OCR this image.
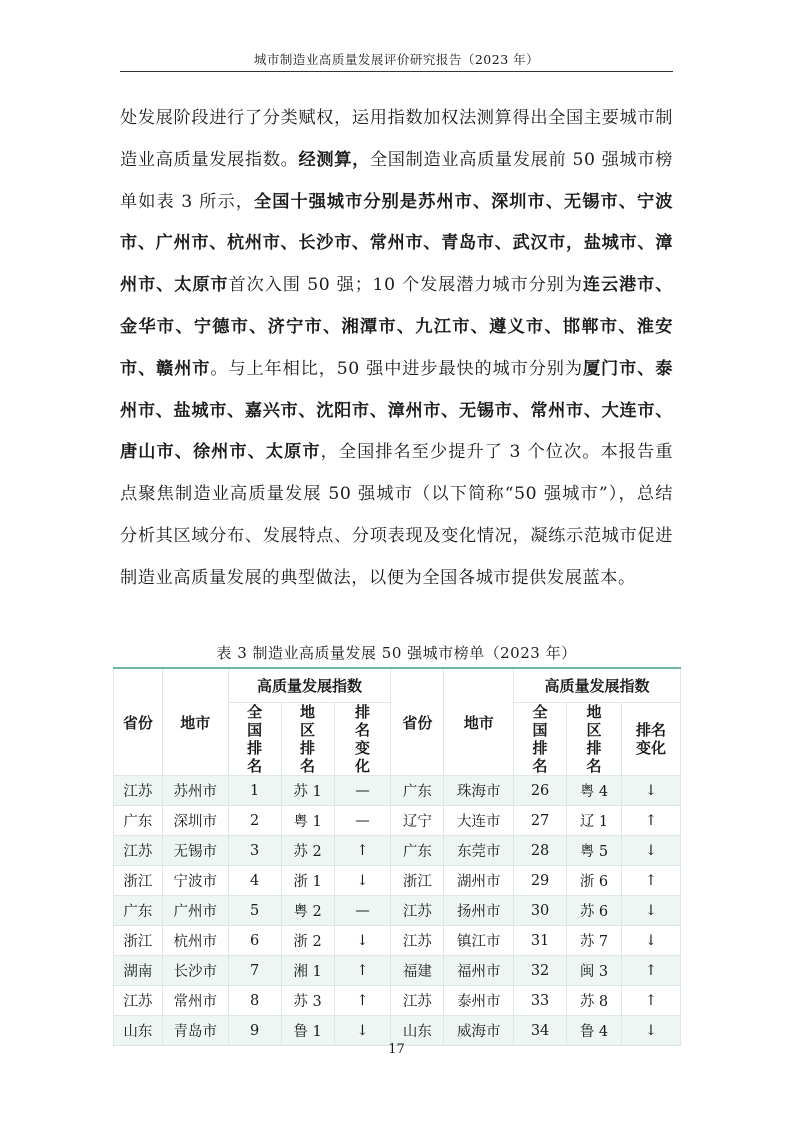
城市制造业高质量发展评价研究报告（2023 年）

处发展阶段进行了分类赋权，运用指数加权法测算得出全国主要城市制造业高质量发展指数。经测算，全国制造业高质量发展前 50 强城市榜单如表 3 所示，全国十强城市分别是苏州市、深圳市、无锡市、宁波市、广州市、杭州市、长沙市、常州市、青岛市、武汉市，盐城市、漳州市、太原市首次入围 50 强；10 个发展潜力城市分别为连云港市、金华市、宁德市、济宁市、湘潭市、九江市、遵义市、邯郸市、淮安市、赣州市。与上年相比，50 强中进步最快的城市分别为厦门市、泰州市、盐城市、嘉兴市、沈阳市、漳州市、无锡市、常州市、大连市、唐山市、徐州市、太原市，全国排名至少提升了 3 个位次。本报告重点聚焦制造业高质量发展 50 强城市（以下简称“50 强城市”），总结分析其区域分布、发展特点、分项表现及变化情况，凝练示范城市促进制造业高质量发展的典型做法，以便为全国各城市提供发展蓝本。

表 3 制造业高质量发展 50 强城市榜单（2023 年）
省份	地市	高质量发展指数			省份	地市	高质量发展指数		
		全国排名	地区排名	排名变化			全国排名	地区排名	排名变化
江苏	苏州市	1	苏 1	—	广东	珠海市	26	粤 4	↓
广东	深圳市	2	粤 1	—	辽宁	大连市	27	辽 1	↑
江苏	无锡市	3	苏 2	↑	广东	东莞市	28	粤 5	↓
浙江	宁波市	4	浙 1	↓	浙江	湖州市	29	浙 6	↑
广东	广州市	5	粤 2	—	江苏	扬州市	30	苏 6	↓
浙江	杭州市	6	浙 2	↓	江苏	镇江市	31	苏 7	↓
湖南	长沙市	7	湘 1	↑	福建	福州市	32	闽 3	↑
江苏	常州市	8	苏 3	↑	江苏	泰州市	33	苏 8	↑
山东	青岛市	9	鲁 1	↓	山东	威海市	34	鲁 4	↓
17
